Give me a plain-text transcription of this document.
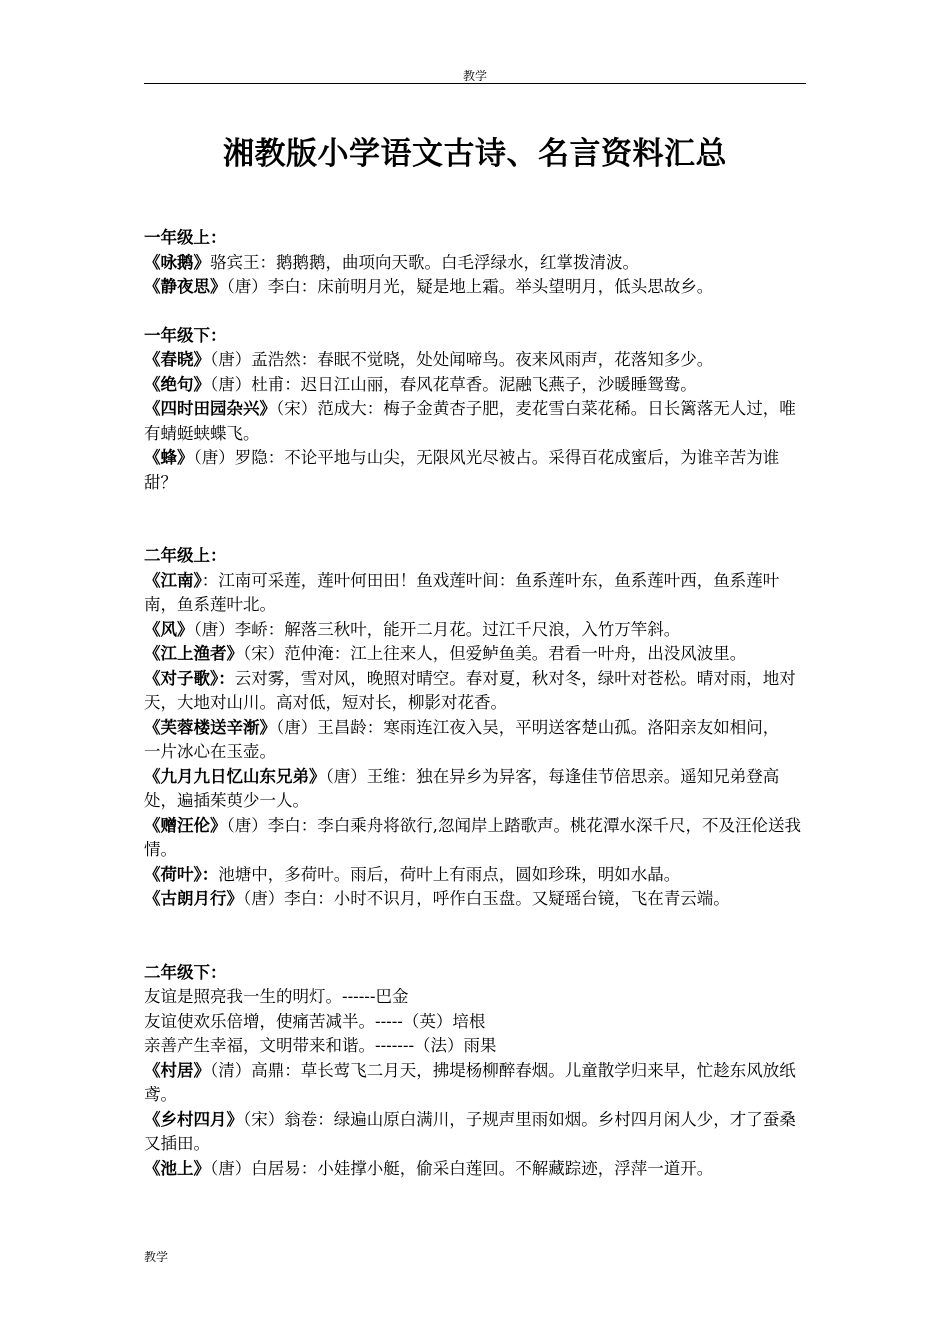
教学
湘教版小学语文古诗、名言资料汇总

一年级上：

《咏鹅》骆宾王：鹅鹅鹅，曲项向天歌。白毛浮绿水，红掌拨清波。

《静夜思》（唐）李白：床前明月光，疑是地上霜。举头望明月，低头思故乡。

一年级下：

《春晓》（唐）孟浩然：春眠不觉晓，处处闻啼鸟。夜来风雨声，花落知多少。

《绝句》（唐）杜甫：迟日江山丽，春风花草香。泥融飞燕子，沙暖睡鸳鸯。

《四时田园杂兴》（宋）范成大：梅子金黄杏子肥，麦花雪白菜花稀。日长篱落无人过，唯有蜻蜓蛱蝶飞。

《蜂》（唐）罗隐：不论平地与山尖，无限风光尽被占。采得百花成蜜后，为谁辛苦为谁甜？

二年级上：

《江南》：江南可采莲，莲叶何田田！鱼戏莲叶间：鱼系莲叶东，鱼系莲叶西，鱼系莲叶南，鱼系莲叶北。

《风》（唐）李峤：解落三秋叶，能开二月花。过江千尺浪，入竹万竿斜。

《江上渔者》（宋）范仲淹：江上往来人，但爱鲈鱼美。君看一叶舟，出没风波里。

《对子歌》：云对雾，雪对风，晚照对晴空。春对夏，秋对冬，绿叶对苍松。晴对雨，地对天，大地对山川。高对低，短对长，柳影对花香。

《芙蓉楼送辛渐》（唐）王昌龄：寒雨连江夜入吴，平明送客楚山孤。洛阳亲友如相问，

一片冰心在玉壶。

《九月九日忆山东兄弟》（唐）王维：独在异乡为异客，每逢佳节倍思亲。遥知兄弟登高处，遍插茱萸少一人。

《赠汪伦》（唐）李白：李白乘舟将欲行,忽闻岸上踏歌声。桃花潭水深千尺，不及汪伦送我情。

《荷叶》：池塘中，多荷叶。雨后，荷叶上有雨点，圆如珍珠，明如水晶。

《古朗月行》（唐）李白：小时不识月，呼作白玉盘。又疑瑶台镜，飞在青云端。

二年级下：

友谊是照亮我一生的明灯。------巴金

友谊使欢乐倍增，使痛苦减半。-----（英）培根

亲善产生幸福，文明带来和谐。-------（法）雨果

《村居》（清）高鼎：草长莺飞二月天，拂堤杨柳醉春烟。儿童散学归来早，忙趁东风放纸鸢。

《乡村四月》（宋）翁卷：绿遍山原白满川，子规声里雨如烟。乡村四月闲人少，才了蚕桑又插田。

《池上》（唐）白居易：小娃撑小艇，偷采白莲回。不解藏踪迹，浮萍一道开。

教学
